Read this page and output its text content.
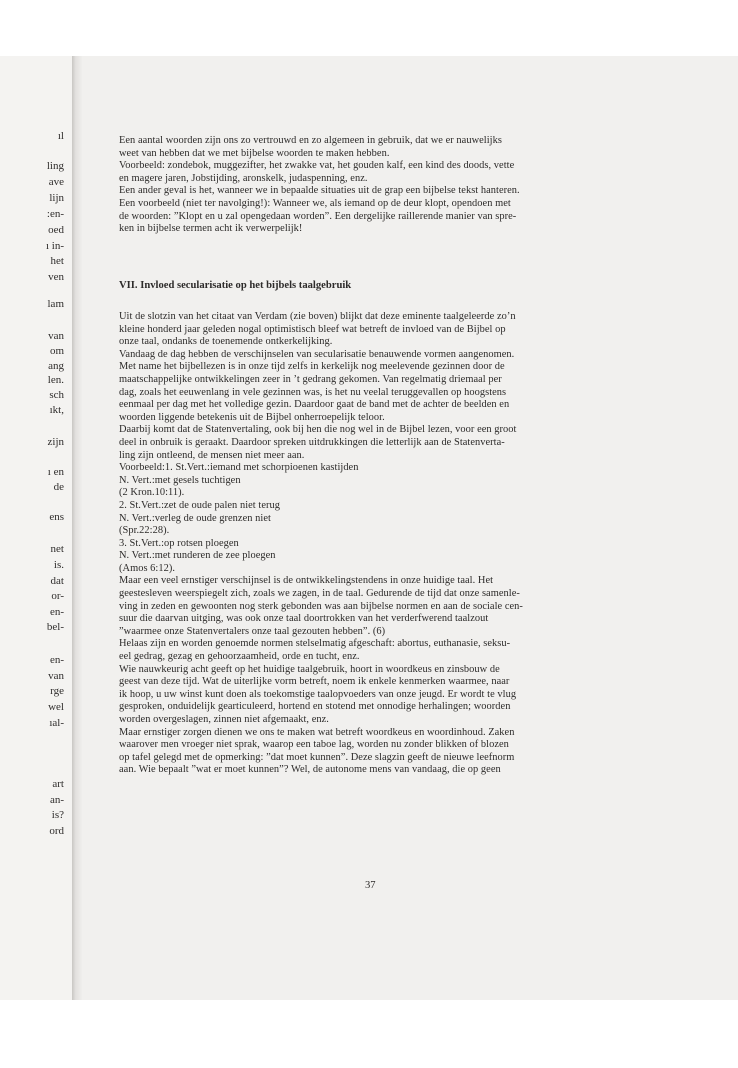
ıl
ling
ave
lijn
:en-
oed
ı in-
het
ven
lam
van
om
ang
len.
sch
ıkt,
zijn
ı en
de
ens
net
is.
dat
or-
en-
bel-
en-
van
rge
wel
ıal-
art
an-
is?
ord
Een aantal woorden zijn ons zo vertrouwd en zo algemeen in gebruik, dat we er nauwelijks
weet van hebben dat we met bijbelse woorden te maken hebben.
Voorbeeld: zondebok, muggezifter, het zwakke vat, het gouden kalf, een kind des doods, vette
en magere jaren, Jobstijding, aronskelk, judaspenning, enz.
Een ander geval is het, wanneer we in bepaalde situaties uit de grap een bijbelse tekst hanteren.
Een voorbeeld (niet ter navolging!): Wanneer we, als iemand op de deur klopt, opendoen met
de woorden: ”Klopt en u zal opengedaan worden”. Een dergelijke raillerende manier van spre-
ken in bijbelse termen acht ik verwerpelijk!
VII. Invloed secularisatie op het bijbels taalgebruik
Uit de slotzin van het citaat van Verdam (zie boven) blijkt dat deze eminente taalgeleerde zo’n
kleine honderd jaar geleden nogal optimistisch bleef wat betreft de invloed van de Bijbel op
onze taal, ondanks de toenemende ontkerkelijking.
Vandaag de dag hebben de verschijnselen van secularisatie benauwende vormen aangenomen.
Met name het bijbellezen is in onze tijd zelfs in kerkelijk nog meelevende gezinnen door de
maatschappelijke ontwikkelingen zeer in ’t gedrang gekomen. Van regelmatig driemaal per
dag, zoals het eeuwenlang in vele gezinnen was, is het nu veelal teruggevallen op hoogstens
eenmaal per dag met het volledige gezin. Daardoor gaat de band met de achter de beelden en
woorden liggende betekenis uit de Bijbel onherroepelijk teloor.
Daarbij komt dat de Statenvertaling, ook bij hen die nog wel in de Bijbel lezen, voor een groot
deel in onbruik is geraakt. Daardoor spreken uitdrukkingen die letterlijk aan de Statenverta-
ling zijn ontleend, de mensen niet meer aan.
Voorbeeld:1. St.Vert.:iemand met schorpioenen kastijden
N. Vert.:met gesels tuchtigen
(2 Kron.10:11).
2. St.Vert.:zet de oude palen niet terug
N. Vert.:verleg de oude grenzen niet
(Spr.22:28).
3. St.Vert.:op rotsen ploegen
N. Vert.:met runderen de zee ploegen
(Amos 6:12).
Maar een veel ernstiger verschijnsel is de ontwikkelingstendens in onze huidige taal. Het
geestesleven weerspiegelt zich, zoals we zagen, in de taal. Gedurende de tijd dat onze samenle-
ving in zeden en gewoonten nog sterk gebonden was aan bijbelse normen en aan de sociale cen-
suur die daarvan uitging, was ook onze taal doortrokken van het verderfwerend taalzout
”waarmee onze Statenvertalers onze taal gezouten hebben”. (6)
Helaas zijn en worden genoemde normen stelselmatig afgeschaft: abortus, euthanasie, seksu-
eel gedrag, gezag en gehoorzaamheid, orde en tucht, enz.
Wie nauwkeurig acht geeft op het huidige taalgebruik, hoort in woordkeus en zinsbouw de
geest van deze tijd. Wat de uiterlijke vorm betreft, noem ik enkele kenmerken waarmee, naar
ik hoop, u uw winst kunt doen als toekomstige taalopvoeders van onze jeugd. Er wordt te vlug
gesproken, onduidelijk gearticuleerd, hortend en stotend met onnodige herhalingen; woorden
worden overgeslagen, zinnen niet afgemaakt, enz.
Maar ernstiger zorgen dienen we ons te maken wat betreft woordkeus en woordinhoud. Zaken
waarover men vroeger niet sprak, waarop een taboe lag, worden nu zonder blikken of blozen
op tafel gelegd met de opmerking: ”dat moet kunnen”. Deze slagzin geeft de nieuwe leefnorm
aan. Wie bepaalt ”wat er moet kunnen”? Wel, de autonome mens van vandaag, die op geen
37
